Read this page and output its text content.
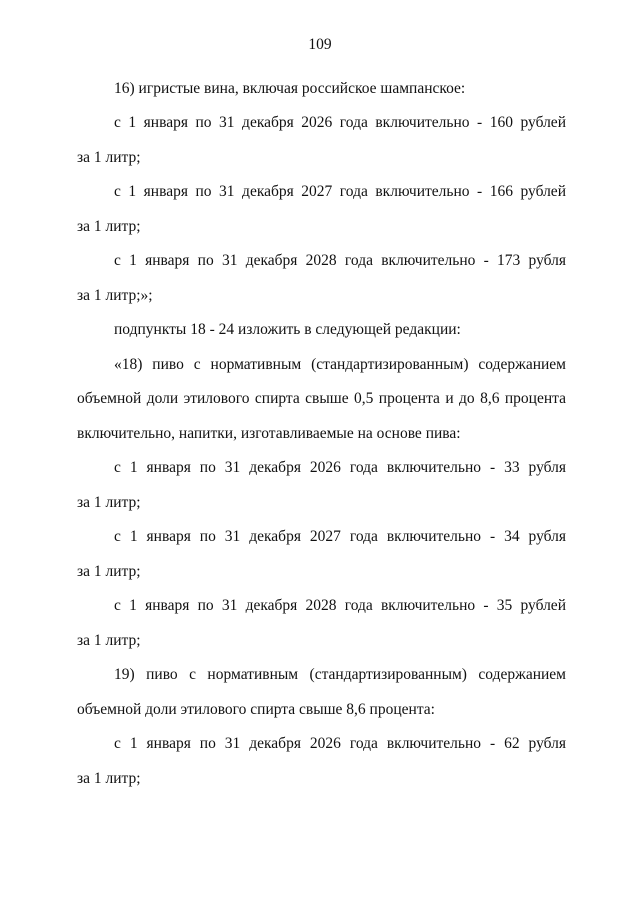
109
16) игристые вина, включая российское шампанское:
с 1 января по 31 декабря 2026 года включительно - 160 рублей
за 1 литр;
с 1 января по 31 декабря 2027 года включительно - 166 рублей
за 1 литр;
с 1 января по 31 декабря 2028 года включительно - 173 рубля
за 1 литр;»;
подпункты 18 - 24 изложить в следующей редакции:
«18) пиво с нормативным (стандартизированным) содержанием
объемной доли этилового спирта свыше 0,5 процента и до 8,6 процента
включительно, напитки, изготавливаемые на основе пива:
с 1 января по 31 декабря 2026 года включительно - 33 рубля
за 1 литр;
с 1 января по 31 декабря 2027 года включительно - 34 рубля
за 1 литр;
с 1 января по 31 декабря 2028 года включительно - 35 рублей
за 1 литр;
19) пиво с нормативным (стандартизированным) содержанием
объемной доли этилового спирта свыше 8,6 процента:
с 1 января по 31 декабря 2026 года включительно - 62 рубля
за 1 литр;
